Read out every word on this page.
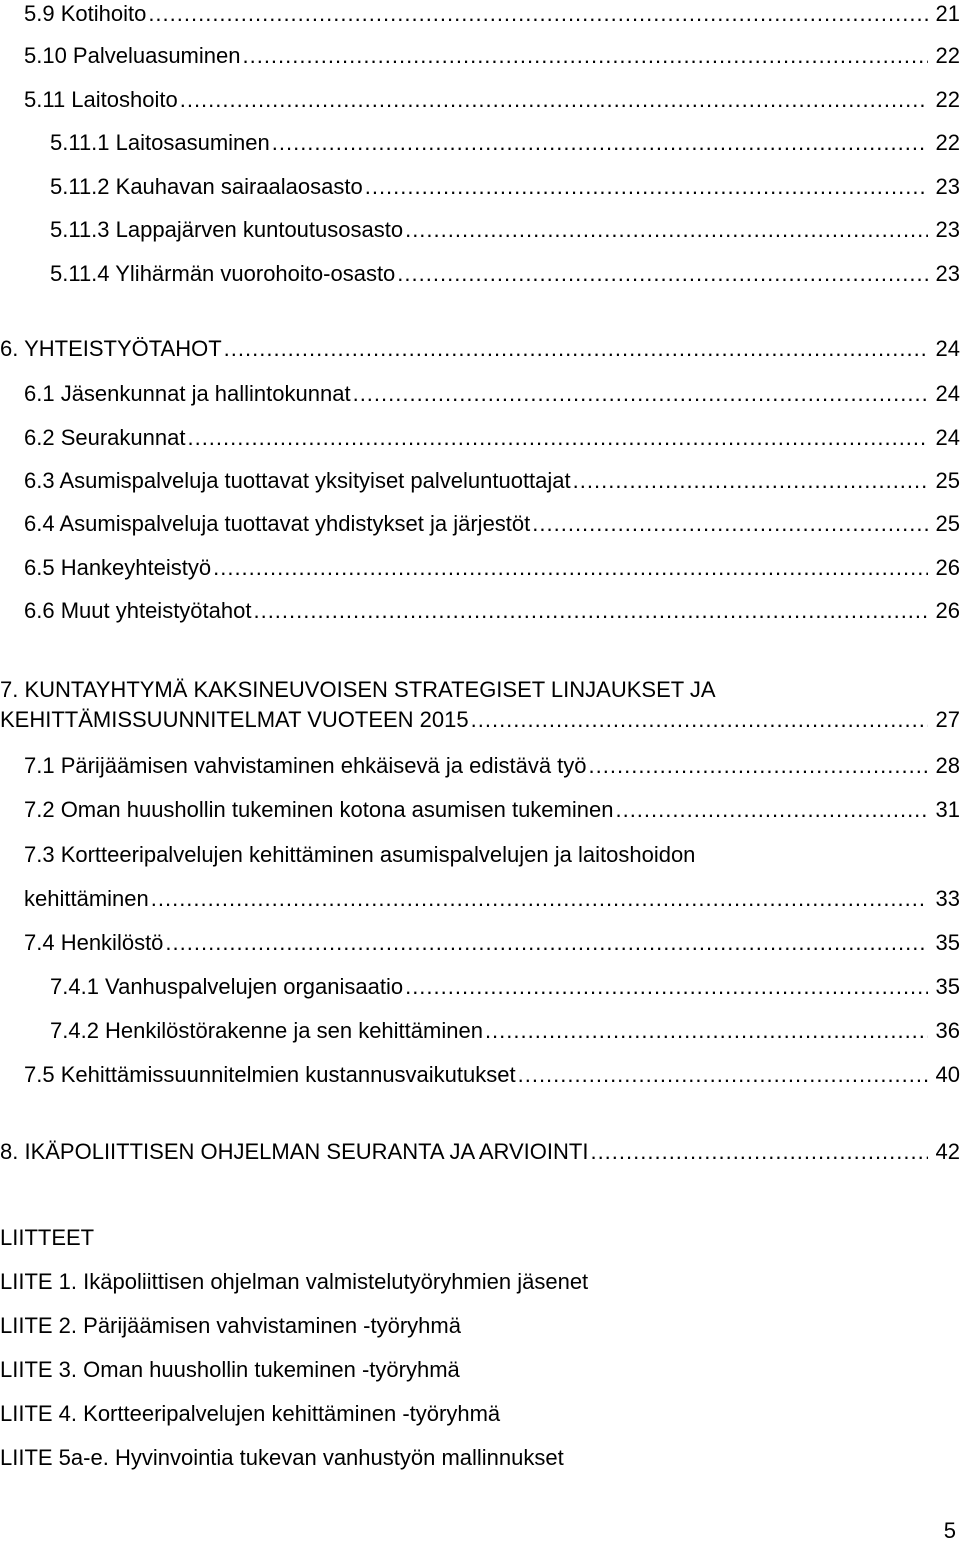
5.9 Kotihoito .....	21
5.10 Palveluasuminen .....	22
5.11 Laitoshoito .....	22
5.11.1 Laitosasuminen .....	22
5.11.2 Kauhavan sairaalaosasto .....	23
5.11.3 Lappajärven kuntoutusosasto .....	23
5.11.4 Ylihärmän vuorohoito-osasto .....	23
6. YHTEISTYÖTAHOT .....	24
6.1 Jäsenkunnat ja hallintokunnat .....	24
6.2 Seurakunnat .....	24
6.3 Asumispalveluja tuottavat yksityiset palveluntuottajat .....	25
6.4 Asumispalveluja tuottavat yhdistykset ja järjestöt .....	25
6.5 Hankeyhteistyö .....	26
6.6 Muut yhteistyötahot .....	26
7. KUNTAYHTYMÄ KAKSINEUVOISEN STRATEGISET LINJAUKSET JA
KEHITTÄMISSUUNNITELMAT VUOTEEN 2015 .....	27
7.1 Pärijäämisen vahvistaminen ehkäisevä ja edistävä työ .....	28
7.2 Oman huushollin tukeminen kotona asumisen tukeminen .....	31
7.3 Kortteeripalvelujen kehittäminen asumispalvelujen ja laitoshoidon
kehittäminen .....	33
7.4 Henkilöstö .....	35
7.4.1 Vanhuspalvelujen organisaatio .....	35
7.4.2 Henkilöstörakenne ja sen kehittäminen .....	36
7.5 Kehittämissuunnitelmien kustannusvaikutukset .....	40
8. IKÄPOLIITTISEN OHJELMAN SEURANTA JA ARVIOINTI .....	42
LIITTEET
LIITE 1. Ikäpoliittisen ohjelman valmistelutyöryhmien jäsenet
LIITE 2. Pärijäämisen vahvistaminen -työryhmä
LIITE 3. Oman huushollin tukeminen -työryhmä
LIITE 4. Kortteeripalvelujen kehittäminen -työryhmä
LIITE 5a-e. Hyvinvointia tukevan vanhustyön mallinnukset
5
